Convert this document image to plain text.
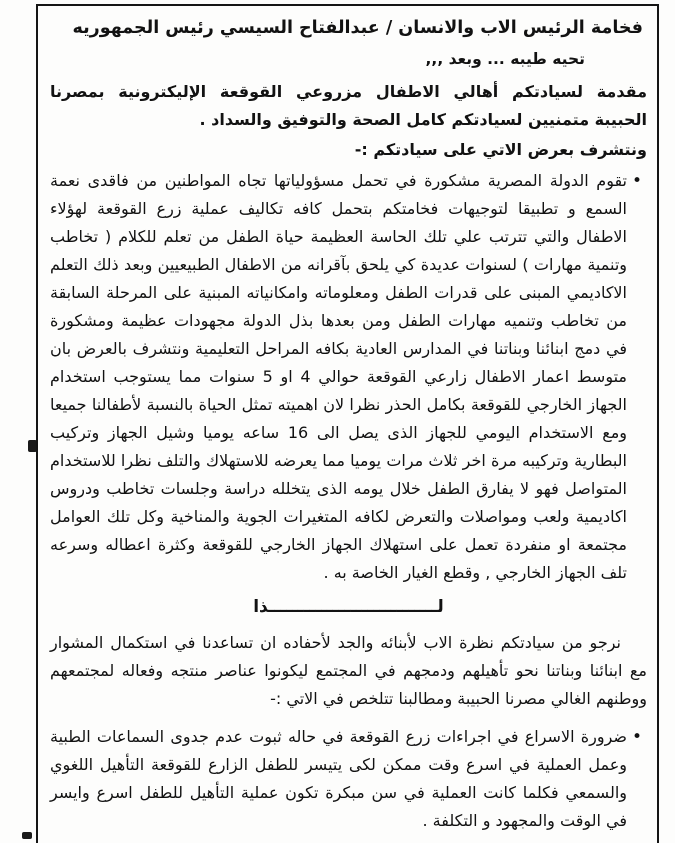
فخامة الرئيس الاب والانسان / عبدالفتاح السيسي رئيس الجمهوريه

تحيه طيبه ... وبعد ,,,

مقدمة لسيادتكم أهالي الاطفال مزروعي القوقعة الإليكترونية بمصرنا الحبيبة متمنيين لسيادتكم كامل الصحة والتوفيق والسداد .

ونتشرف بعرض الاتي على سيادتكم :-

•

تقوم الدولة المصرية مشكورة في تحمل مسؤولياتها تجاه المواطنين من فاقدى نعمة السمع و تطبيقا لتوجيهات فخامتكم بتحمل كافه تكاليف عملية زرع القوقعة لهؤلاء الاطفال والتي تترتب علي تلك الحاسة العظيمة حياة الطفل من تعلم للكلام ( تخاطب وتنمية مهارات ) لسنوات عديدة كي يلحق بآقرانه من الاطفال الطبيعيين وبعد ذلك التعلم الاكاديمي المبنى على قدرات الطفل ومعلوماته وامكانياته المبنية على المرحلة السابقة من تخاطب وتنميه مهارات الطفل ومن بعدها بذل الدولة مجهودات عظيمة ومشكورة في دمج ابنائنا وبناتنا في المدارس العادية بكافه المراحل التعليمية ونتشرف بالعرض بان متوسط اعمار الاطفال زارعي القوقعة حوالي 4 او 5 سنوات مما يستوجب استخدام الجهاز الخارجي للقوقعة بكامل الحذر نظرا لان اهميته تمثل الحياة بالنسبة لأطفالنا جميعا ومع الاستخدام اليومي للجهاز الذى يصل الى 16 ساعه يوميا وشيل الجهاز وتركيب البطارية وتركيبه مرة اخر ثلاث مرات يوميا مما يعرضه للاستهلاك والتلف نظرا للاستخدام المتواصل فهو لا يفارق الطفل خلال يومه الذى يتخلله دراسة وجلسات تخاطب ودروس اكاديمية ولعب ومواصلات والتعرض لكافه المتغيرات الجوية والمناخية وكل تلك العوامل مجتمعة او منفردة تعمل على استهلاك الجهاز الخارجي للقوقعة وكثرة اعطاله وسرعه تلف الجهاز الخارجي , وقطع الغيار الخاصة به .

لـــــــــــــــــــــــــــــذا

نرجو من سيادتكم نظرة الاب لأبنائه والجد لأحفاده ان تساعدنا في استكمال المشوار مع ابنائنا وبناتنا نحو تأهيلهم ودمجهم في المجتمع ليكونوا عناصر منتجه وفعاله لمجتمعهم ووطنهم الغالي مصرنا الحبيبة ومطالبنا تتلخص في الاتي :-

•

ضرورة الاسراع في اجراءات زرع القوقعة في حاله ثبوت عدم جدوى السماعات الطبية وعمل العملية في اسرع وقت ممكن لكى يتيسر للطفل الزارع للقوقعة التأهيل اللغوي والسمعي فكلما كانت العملية في سن مبكرة تكون عملية التأهيل للطفل اسرع وايسر في الوقت والمجهود و التكلفة .
